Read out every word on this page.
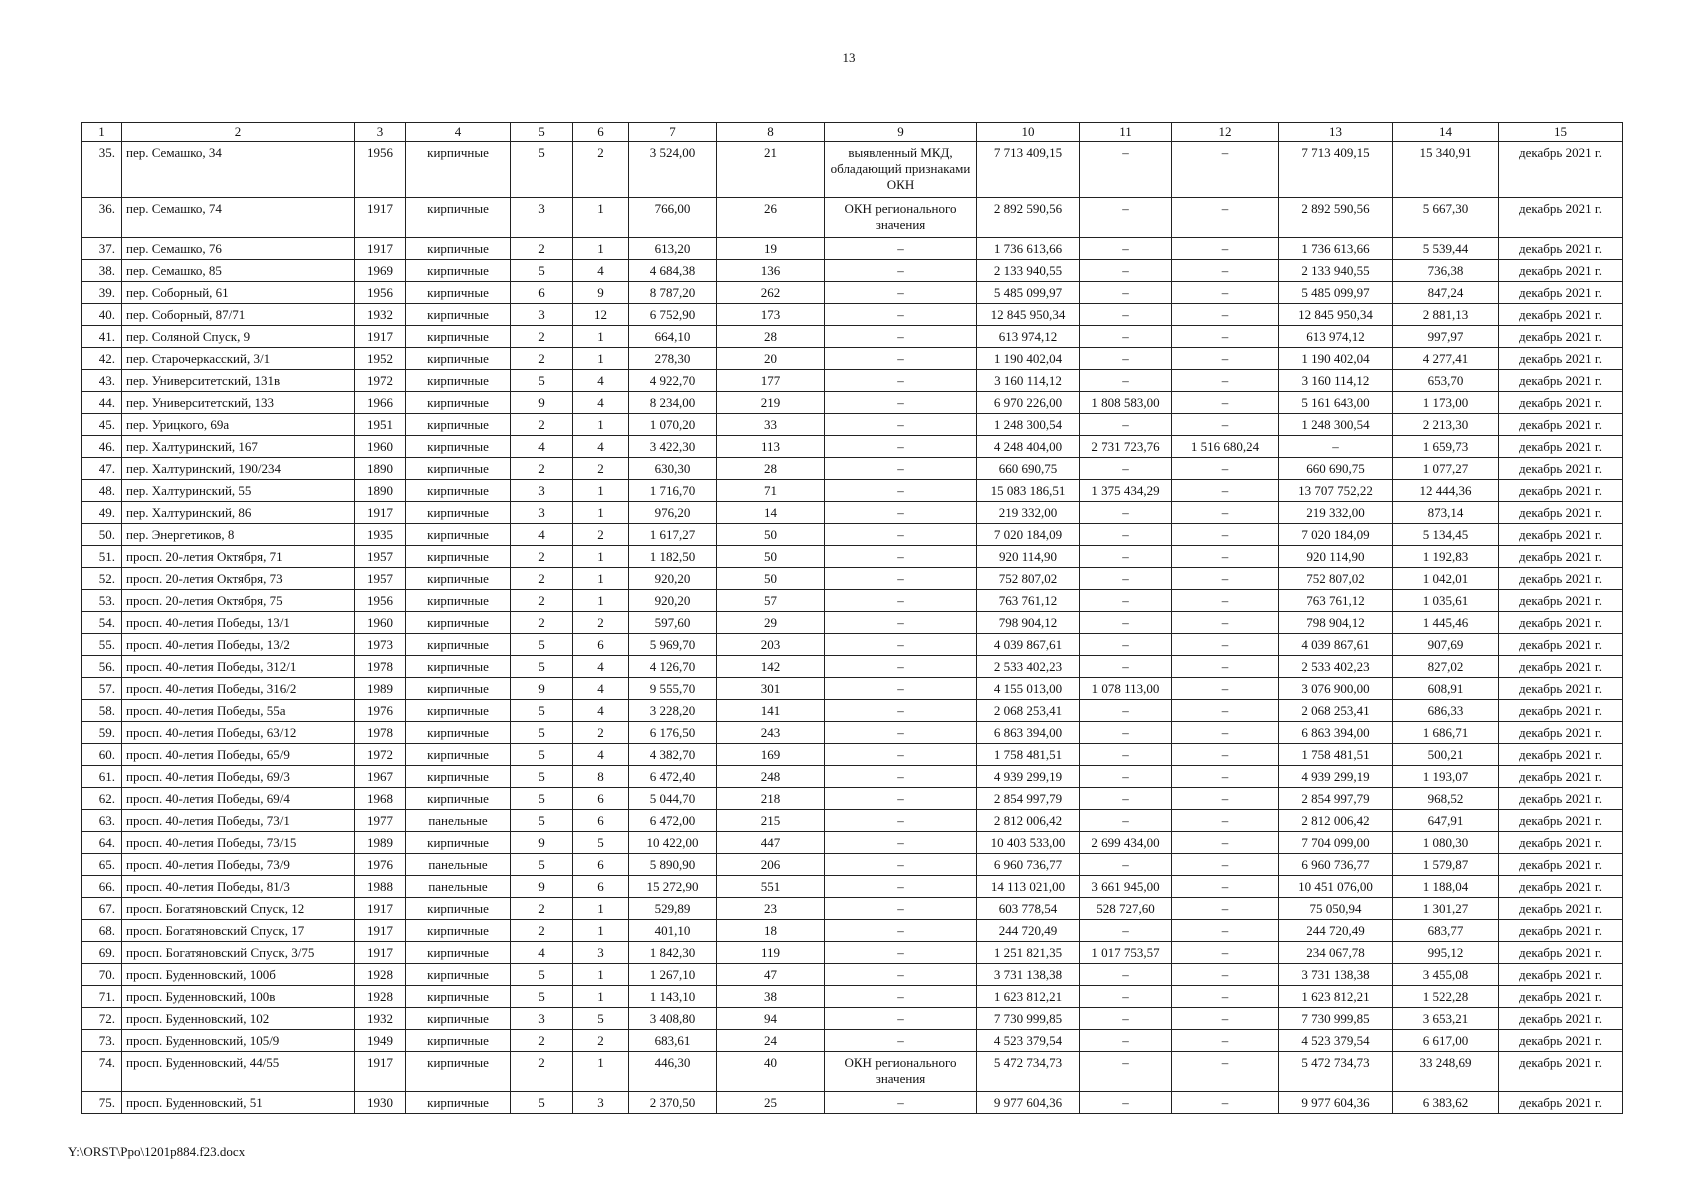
13
1	2	3	4	5	6	7	8	9	10	11	12	13	14	15
35.	пер. Семашко, 34	1956	кирпичные	5	2	3 524,00	21	выявленный МКД, обладающий признаками ОКН	7 713 409,15	–	–	7 713 409,15	15 340,91	декабрь 2021 г.
36.	пер. Семашко, 74	1917	кирпичные	3	1	766,00	26	ОКН регионального значения	2 892 590,56	–	–	2 892 590,56	5 667,30	декабрь 2021 г.
37.	пер. Семашко, 76	1917	кирпичные	2	1	613,20	19	–	1 736 613,66	–	–	1 736 613,66	5 539,44	декабрь 2021 г.
38.	пер. Семашко, 85	1969	кирпичные	5	4	4 684,38	136	–	2 133 940,55	–	–	2 133 940,55	736,38	декабрь 2021 г.
39.	пер. Соборный, 61	1956	кирпичные	6	9	8 787,20	262	–	5 485 099,97	–	–	5 485 099,97	847,24	декабрь 2021 г.
40.	пер. Соборный, 87/71	1932	кирпичные	3	12	6 752,90	173	–	12 845 950,34	–	–	12 845 950,34	2 881,13	декабрь 2021 г.
41.	пер. Соляной Спуск, 9	1917	кирпичные	2	1	664,10	28	–	613 974,12	–	–	613 974,12	997,97	декабрь 2021 г.
42.	пер. Старочеркасский, 3/1	1952	кирпичные	2	1	278,30	20	–	1 190 402,04	–	–	1 190 402,04	4 277,41	декабрь 2021 г.
43.	пер. Университетский, 131в	1972	кирпичные	5	4	4 922,70	177	–	3 160 114,12	–	–	3 160 114,12	653,70	декабрь 2021 г.
44.	пер. Университетский, 133	1966	кирпичные	9	4	8 234,00	219	–	6 970 226,00	1 808 583,00	–	5 161 643,00	1 173,00	декабрь 2021 г.
45.	пер. Урицкого, 69а	1951	кирпичные	2	1	1 070,20	33	–	1 248 300,54	–	–	1 248 300,54	2 213,30	декабрь 2021 г.
46.	пер. Халтуринский, 167	1960	кирпичные	4	4	3 422,30	113	–	4 248 404,00	2 731 723,76	1 516 680,24	–	1 659,73	декабрь 2021 г.
47.	пер. Халтуринский, 190/234	1890	кирпичные	2	2	630,30	28	–	660 690,75	–	–	660 690,75	1 077,27	декабрь 2021 г.
48.	пер. Халтуринский, 55	1890	кирпичные	3	1	1 716,70	71	–	15 083 186,51	1 375 434,29	–	13 707 752,22	12 444,36	декабрь 2021 г.
49.	пер. Халтуринский, 86	1917	кирпичные	3	1	976,20	14	–	219 332,00	–	–	219 332,00	873,14	декабрь 2021 г.
50.	пер. Энергетиков, 8	1935	кирпичные	4	2	1 617,27	50	–	7 020 184,09	–	–	7 020 184,09	5 134,45	декабрь 2021 г.
51.	просп. 20-летия Октября, 71	1957	кирпичные	2	1	1 182,50	50	–	920 114,90	–	–	920 114,90	1 192,83	декабрь 2021 г.
52.	просп. 20-летия Октября, 73	1957	кирпичные	2	1	920,20	50	–	752 807,02	–	–	752 807,02	1 042,01	декабрь 2021 г.
53.	просп. 20-летия Октября, 75	1956	кирпичные	2	1	920,20	57	–	763 761,12	–	–	763 761,12	1 035,61	декабрь 2021 г.
54.	просп. 40-летия Победы, 13/1	1960	кирпичные	2	2	597,60	29	–	798 904,12	–	–	798 904,12	1 445,46	декабрь 2021 г.
55.	просп. 40-летия Победы, 13/2	1973	кирпичные	5	6	5 969,70	203	–	4 039 867,61	–	–	4 039 867,61	907,69	декабрь 2021 г.
56.	просп. 40-летия Победы, 312/1	1978	кирпичные	5	4	4 126,70	142	–	2 533 402,23	–	–	2 533 402,23	827,02	декабрь 2021 г.
57.	просп. 40-летия Победы, 316/2	1989	кирпичные	9	4	9 555,70	301	–	4 155 013,00	1 078 113,00	–	3 076 900,00	608,91	декабрь 2021 г.
58.	просп. 40-летия Победы, 55а	1976	кирпичные	5	4	3 228,20	141	–	2 068 253,41	–	–	2 068 253,41	686,33	декабрь 2021 г.
59.	просп. 40-летия Победы, 63/12	1978	кирпичные	5	2	6 176,50	243	–	6 863 394,00	–	–	6 863 394,00	1 686,71	декабрь 2021 г.
60.	просп. 40-летия Победы, 65/9	1972	кирпичные	5	4	4 382,70	169	–	1 758 481,51	–	–	1 758 481,51	500,21	декабрь 2021 г.
61.	просп. 40-летия Победы, 69/3	1967	кирпичные	5	8	6 472,40	248	–	4 939 299,19	–	–	4 939 299,19	1 193,07	декабрь 2021 г.
62.	просп. 40-летия Победы, 69/4	1968	кирпичные	5	6	5 044,70	218	–	2 854 997,79	–	–	2 854 997,79	968,52	декабрь 2021 г.
63.	просп. 40-летия Победы, 73/1	1977	панельные	5	6	6 472,00	215	–	2 812 006,42	–	–	2 812 006,42	647,91	декабрь 2021 г.
64.	просп. 40-летия Победы, 73/15	1989	кирпичные	9	5	10 422,00	447	–	10 403 533,00	2 699 434,00	–	7 704 099,00	1 080,30	декабрь 2021 г.
65.	просп. 40-летия Победы, 73/9	1976	панельные	5	6	5 890,90	206	–	6 960 736,77	–	–	6 960 736,77	1 579,87	декабрь 2021 г.
66.	просп. 40-летия Победы, 81/3	1988	панельные	9	6	15 272,90	551	–	14 113 021,00	3 661 945,00	–	10 451 076,00	1 188,04	декабрь 2021 г.
67.	просп. Богатяновский Спуск, 12	1917	кирпичные	2	1	529,89	23	–	603 778,54	528 727,60	–	75 050,94	1 301,27	декабрь 2021 г.
68.	просп. Богатяновский Спуск, 17	1917	кирпичные	2	1	401,10	18	–	244 720,49	–	–	244 720,49	683,77	декабрь 2021 г.
69.	просп. Богатяновский Спуск, 3/75	1917	кирпичные	4	3	1 842,30	119	–	1 251 821,35	1 017 753,57	–	234 067,78	995,12	декабрь 2021 г.
70.	просп. Буденновский, 100б	1928	кирпичные	5	1	1 267,10	47	–	3 731 138,38	–	–	3 731 138,38	3 455,08	декабрь 2021 г.
71.	просп. Буденновский, 100в	1928	кирпичные	5	1	1 143,10	38	–	1 623 812,21	–	–	1 623 812,21	1 522,28	декабрь 2021 г.
72.	просп. Буденновский, 102	1932	кирпичные	3	5	3 408,80	94	–	7 730 999,85	–	–	7 730 999,85	3 653,21	декабрь 2021 г.
73.	просп. Буденновский, 105/9	1949	кирпичные	2	2	683,61	24	–	4 523 379,54	–	–	4 523 379,54	6 617,00	декабрь 2021 г.
74.	просп. Буденновский, 44/55	1917	кирпичные	2	1	446,30	40	ОКН регионального значения	5 472 734,73	–	–	5 472 734,73	33 248,69	декабрь 2021 г.
75.	просп. Буденновский, 51	1930	кирпичные	5	3	2 370,50	25	–	9 977 604,36	–	–	9 977 604,36	6 383,62	декабрь 2021 г.
Y:\ORST\Ppo\1201p884.f23.docx
